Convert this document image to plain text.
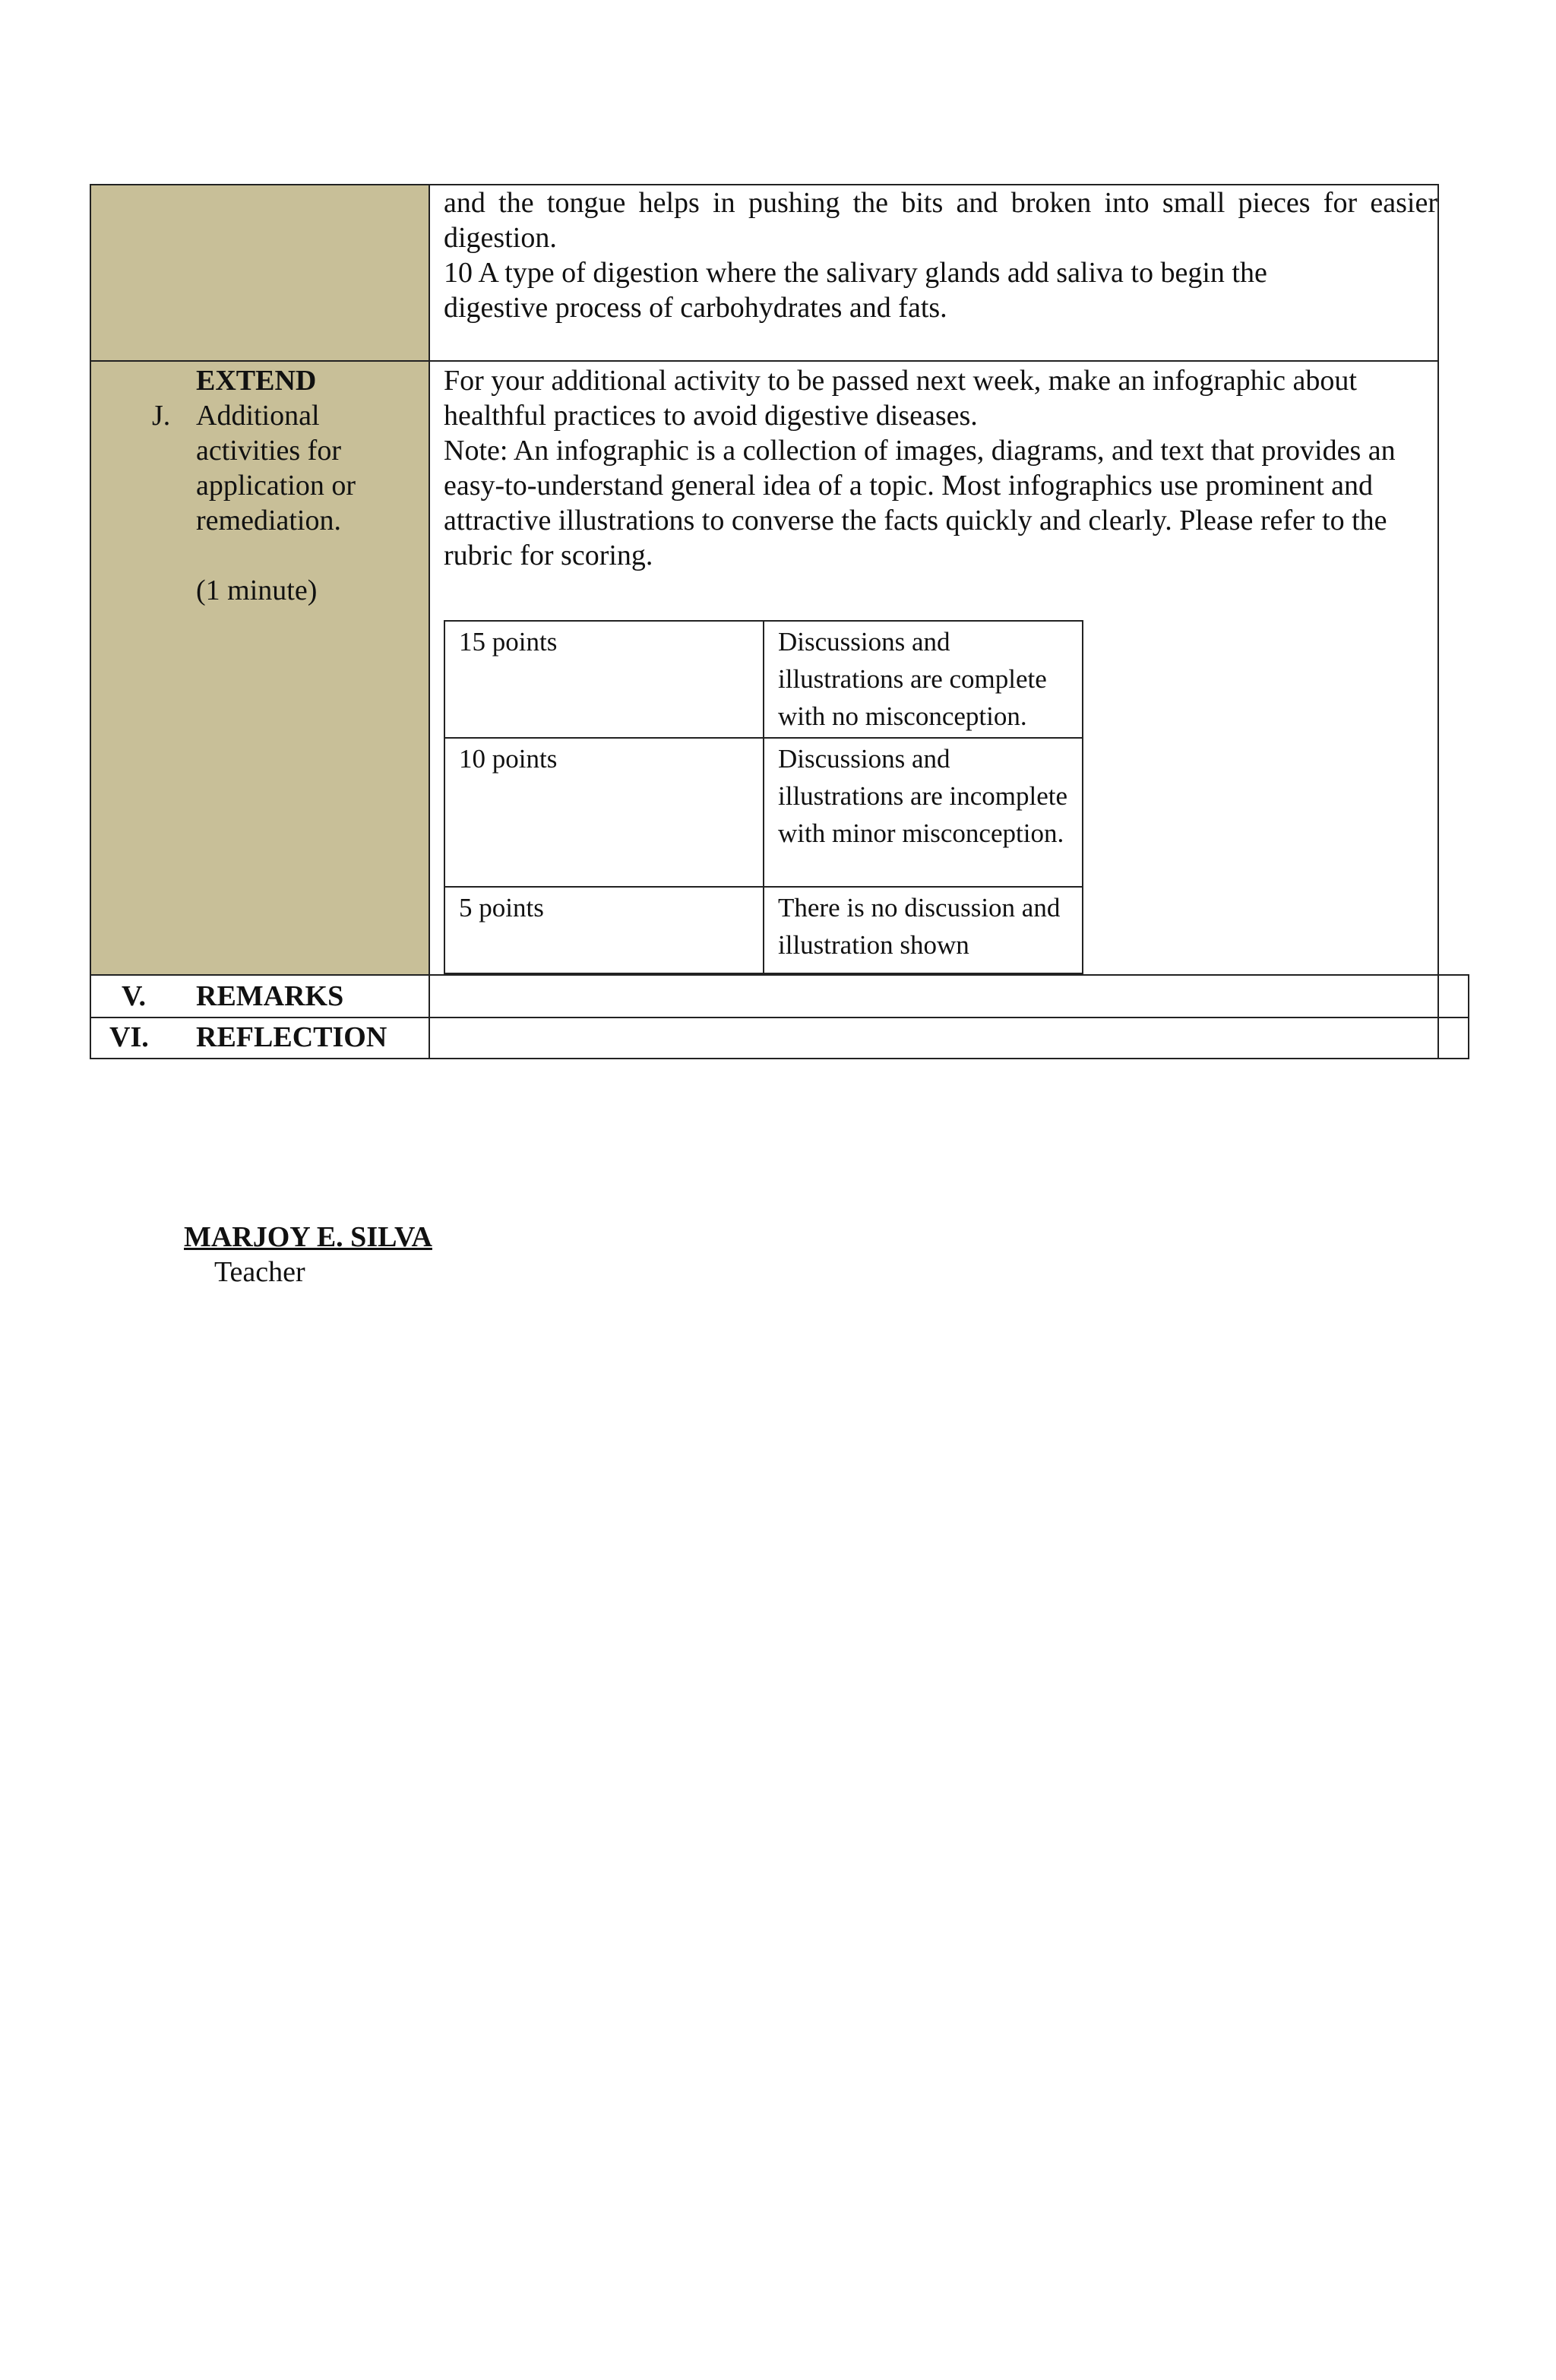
and the tongue helps in pushing the bits and broken into small pieces for easier digestion.

10 A type of digestion where the salivary glands add saliva to begin the digestive process of carbohydrates and fats.

EXTEND
J. Additional activities for application or remediation.
(1 minute)

For your additional activity to be passed next week, make an infographic about healthful practices to avoid digestive diseases.

Note: An infographic is a collection of images, diagrams, and text that provides an easy-to-understand general idea of a topic. Most infographics use prominent and attractive illustrations to converse the facts quickly and clearly. Please refer to the rubric for scoring.

15 points	Discussions and illustrations are complete with no misconception.
10 points	Discussions and illustrations are incomplete with minor misconception.
5 points	There is no discussion and illustration shown
V. REMARKS
VI. REFLECTION
MARJOY E. SILVA
Teacher
